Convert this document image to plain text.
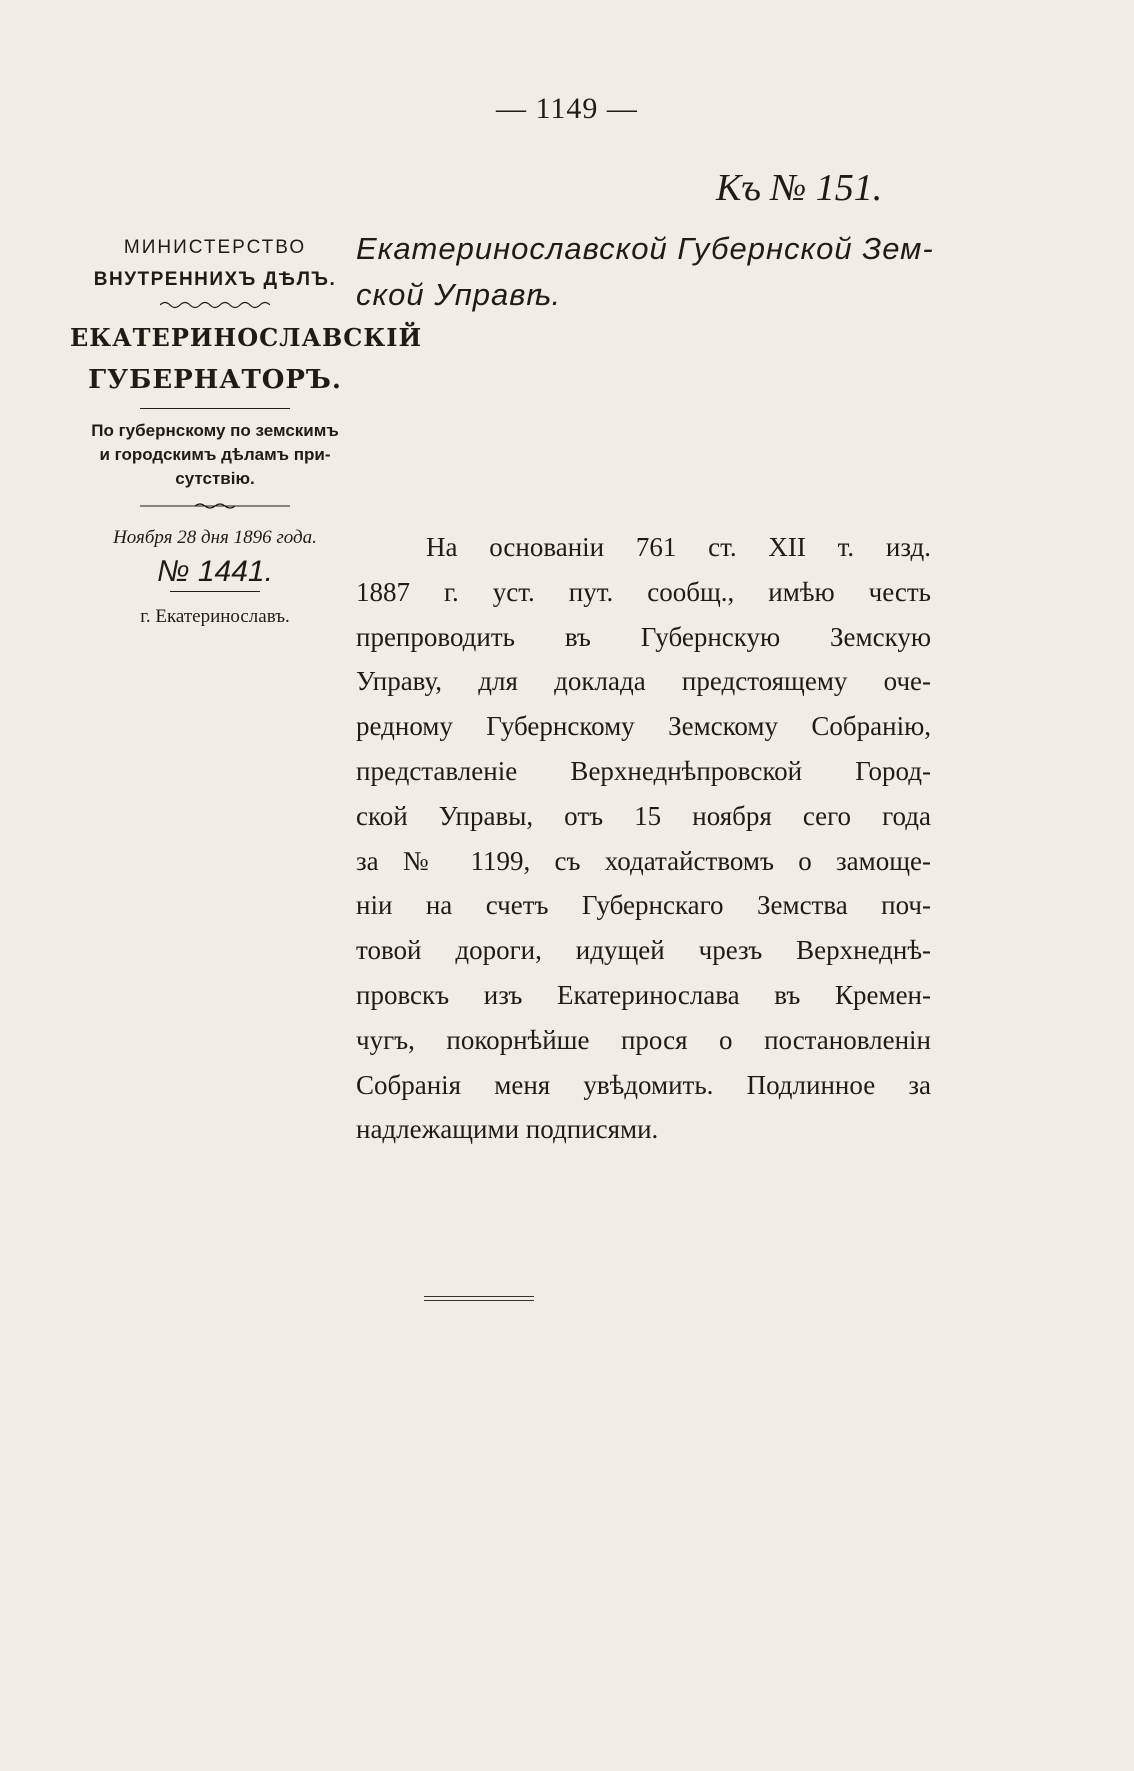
— 1149 —
Къ № 151.
МИНИСТЕРСТВО
ВНУТРЕННИХЪ ДѢЛЪ.
ЕКАТЕРИНОСЛАВСКІЙ
ГУБЕРНАТОРЪ.
По губернскому по земскимъ
и городскимъ дѣламъ при-
сутствію.
Ноября 28 дня 1896 года.
№ 1441.
г. Екатеринославъ.
Екатеринославской Губернской Зем-
ской Управѣ.
На основаніи 761 ст. XII т. изд.
1887 г. уст. пут. сообщ., имѣю честь
препроводить въ Губернскую Земскую
Управу, для доклада предстоящему оче-
редному Губернскому Земскому Собранію,
представленіе Верхнеднѣпровской Город-
ской Управы, отъ 15 ноября сего года
за № 1199, съ ходатайствомъ о замоще-
ніи на счетъ Губернскаго Земства поч-
товой дороги, идущей чрезъ Верхнеднѣ-
провскъ изъ Екатеринослава въ Кремен-
чугъ, покорнѣйше прося о постановленін
Собранія меня увѣдомить. Подлинное за
надлежащими подписями.
